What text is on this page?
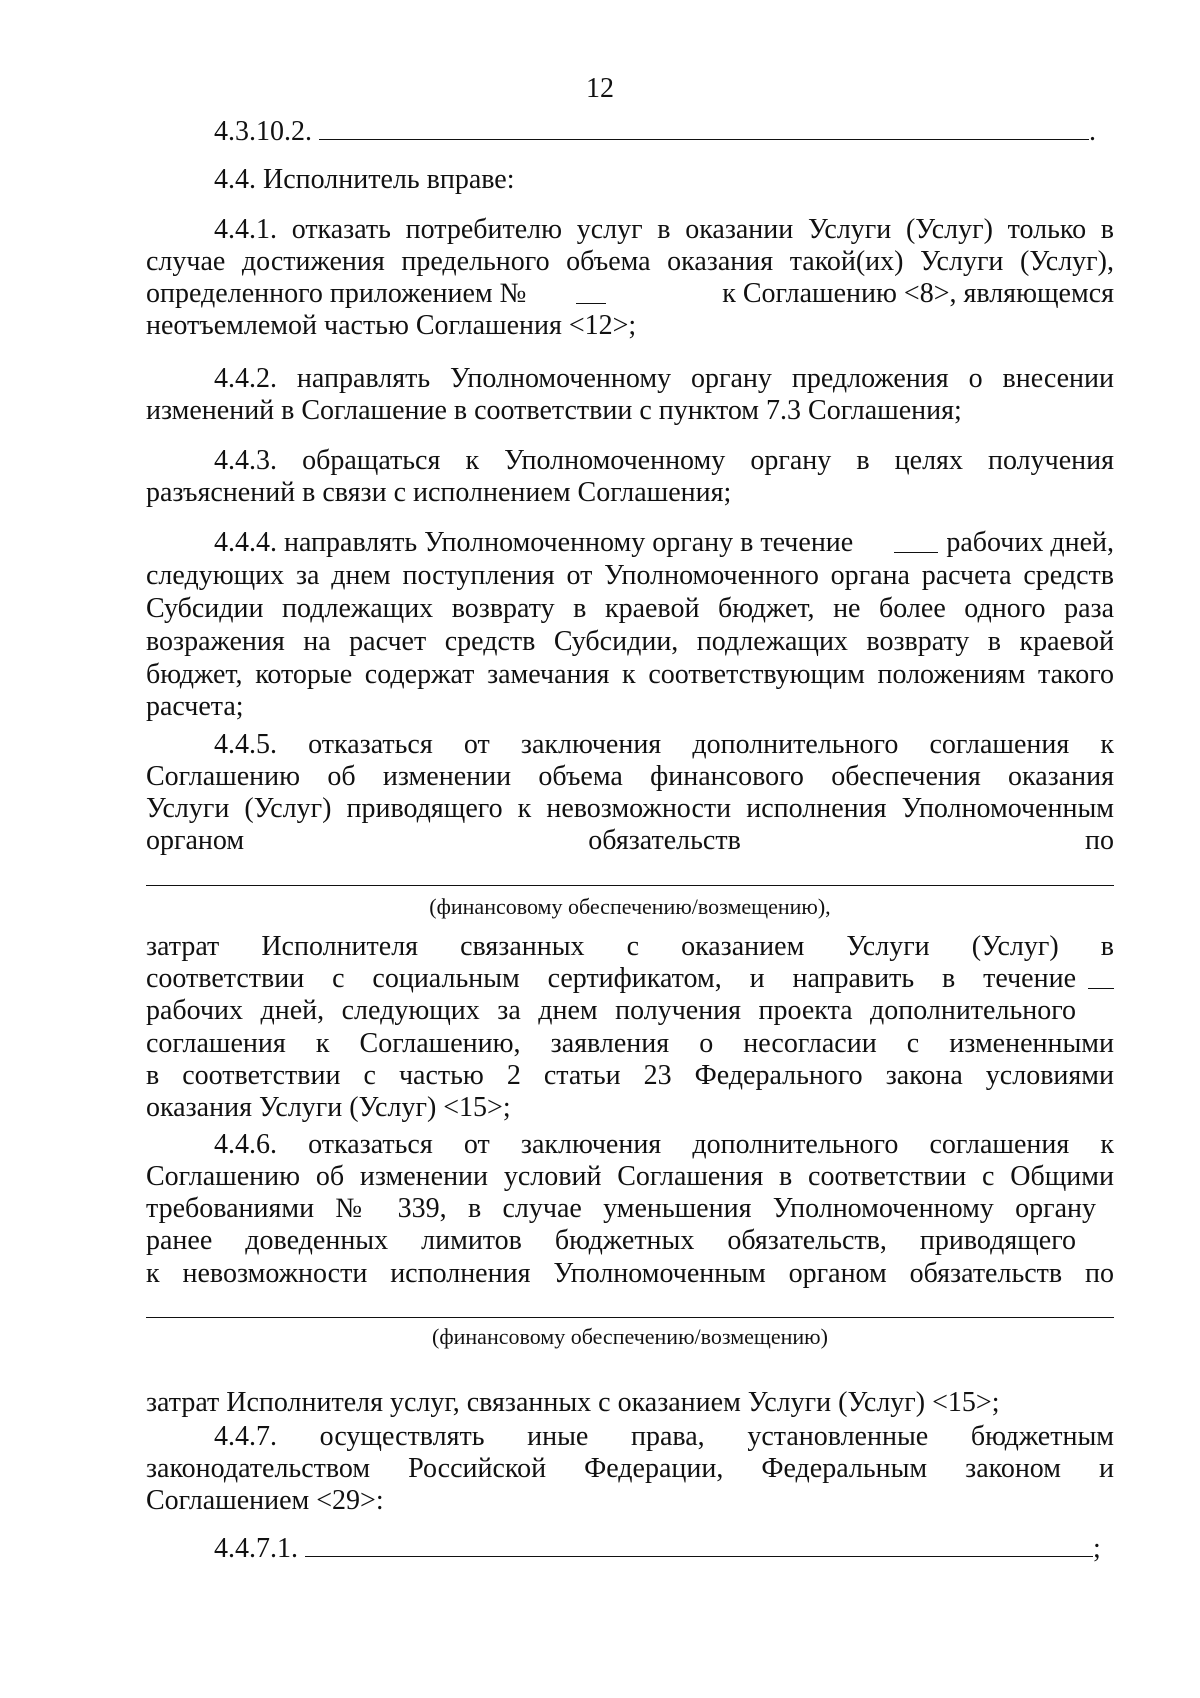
12
4.3.10.2.	.
4.4. Исполнитель вправе:
4.4.1. отказать потребителю услуг в оказании Услуги (Услуг) только в
случае достижения предельного объема оказания такой(их) Услуги (Услуг),
определенного приложением №	к Соглашению <8>, являющемся
неотъемлемой частью Соглашения <12>;
4.4.2. направлять Уполномоченному органу предложения о внесении
изменений в Соглашение в соответствии с пунктом 7.3 Соглашения;
4.4.3. обращаться к Уполномоченному органу в целях получения
разъяснений в связи с исполнением Соглашения;
4.4.4. направлять Уполномоченному органу в течение	рабочих дней,
следующих за днем поступления от Уполномоченного органа расчета средств
Субсидии подлежащих возврату в краевой бюджет, не более одного раза
возражения на расчет средств Субсидии, подлежащих возврату в краевой
бюджет, которые содержат замечания к соответствующим положениям такого
расчета;
4.4.5. отказаться от заключения дополнительного соглашения к
Соглашению об изменении объема финансового обеспечения оказания
Услуги (Услуг) приводящего к невозможности исполнения Уполномоченным
органом обязательств по
(финансовому обеспечению/возмещению),
затрат Исполнителя связанных с оказанием Услуги (Услуг) в
соответствии с социальным сертификатом, и направить в течение
рабочих дней, следующих за днем получения проекта дополнительного
соглашения к Соглашению, заявления о несогласии с измененными
в соответствии с частью 2 статьи 23 Федерального закона условиями
оказания Услуги (Услуг) <15>;
4.4.6. отказаться от заключения дополнительного соглашения к
Соглашению об изменении условий Соглашения в соответствии с Общими
требованиями № 339, в случае уменьшения Уполномоченному органу
ранее доведенных лимитов бюджетных обязательств, приводящего
к невозможности исполнения Уполномоченным органом обязательств по
(финансовому обеспечению/возмещению)
затрат Исполнителя услуг, связанных с оказанием Услуги (Услуг) <15>;
4.4.7. осуществлять иные права, установленные бюджетным
законодательством Российской Федерации, Федеральным законом и
Соглашением <29>:
4.4.7.1.	;
